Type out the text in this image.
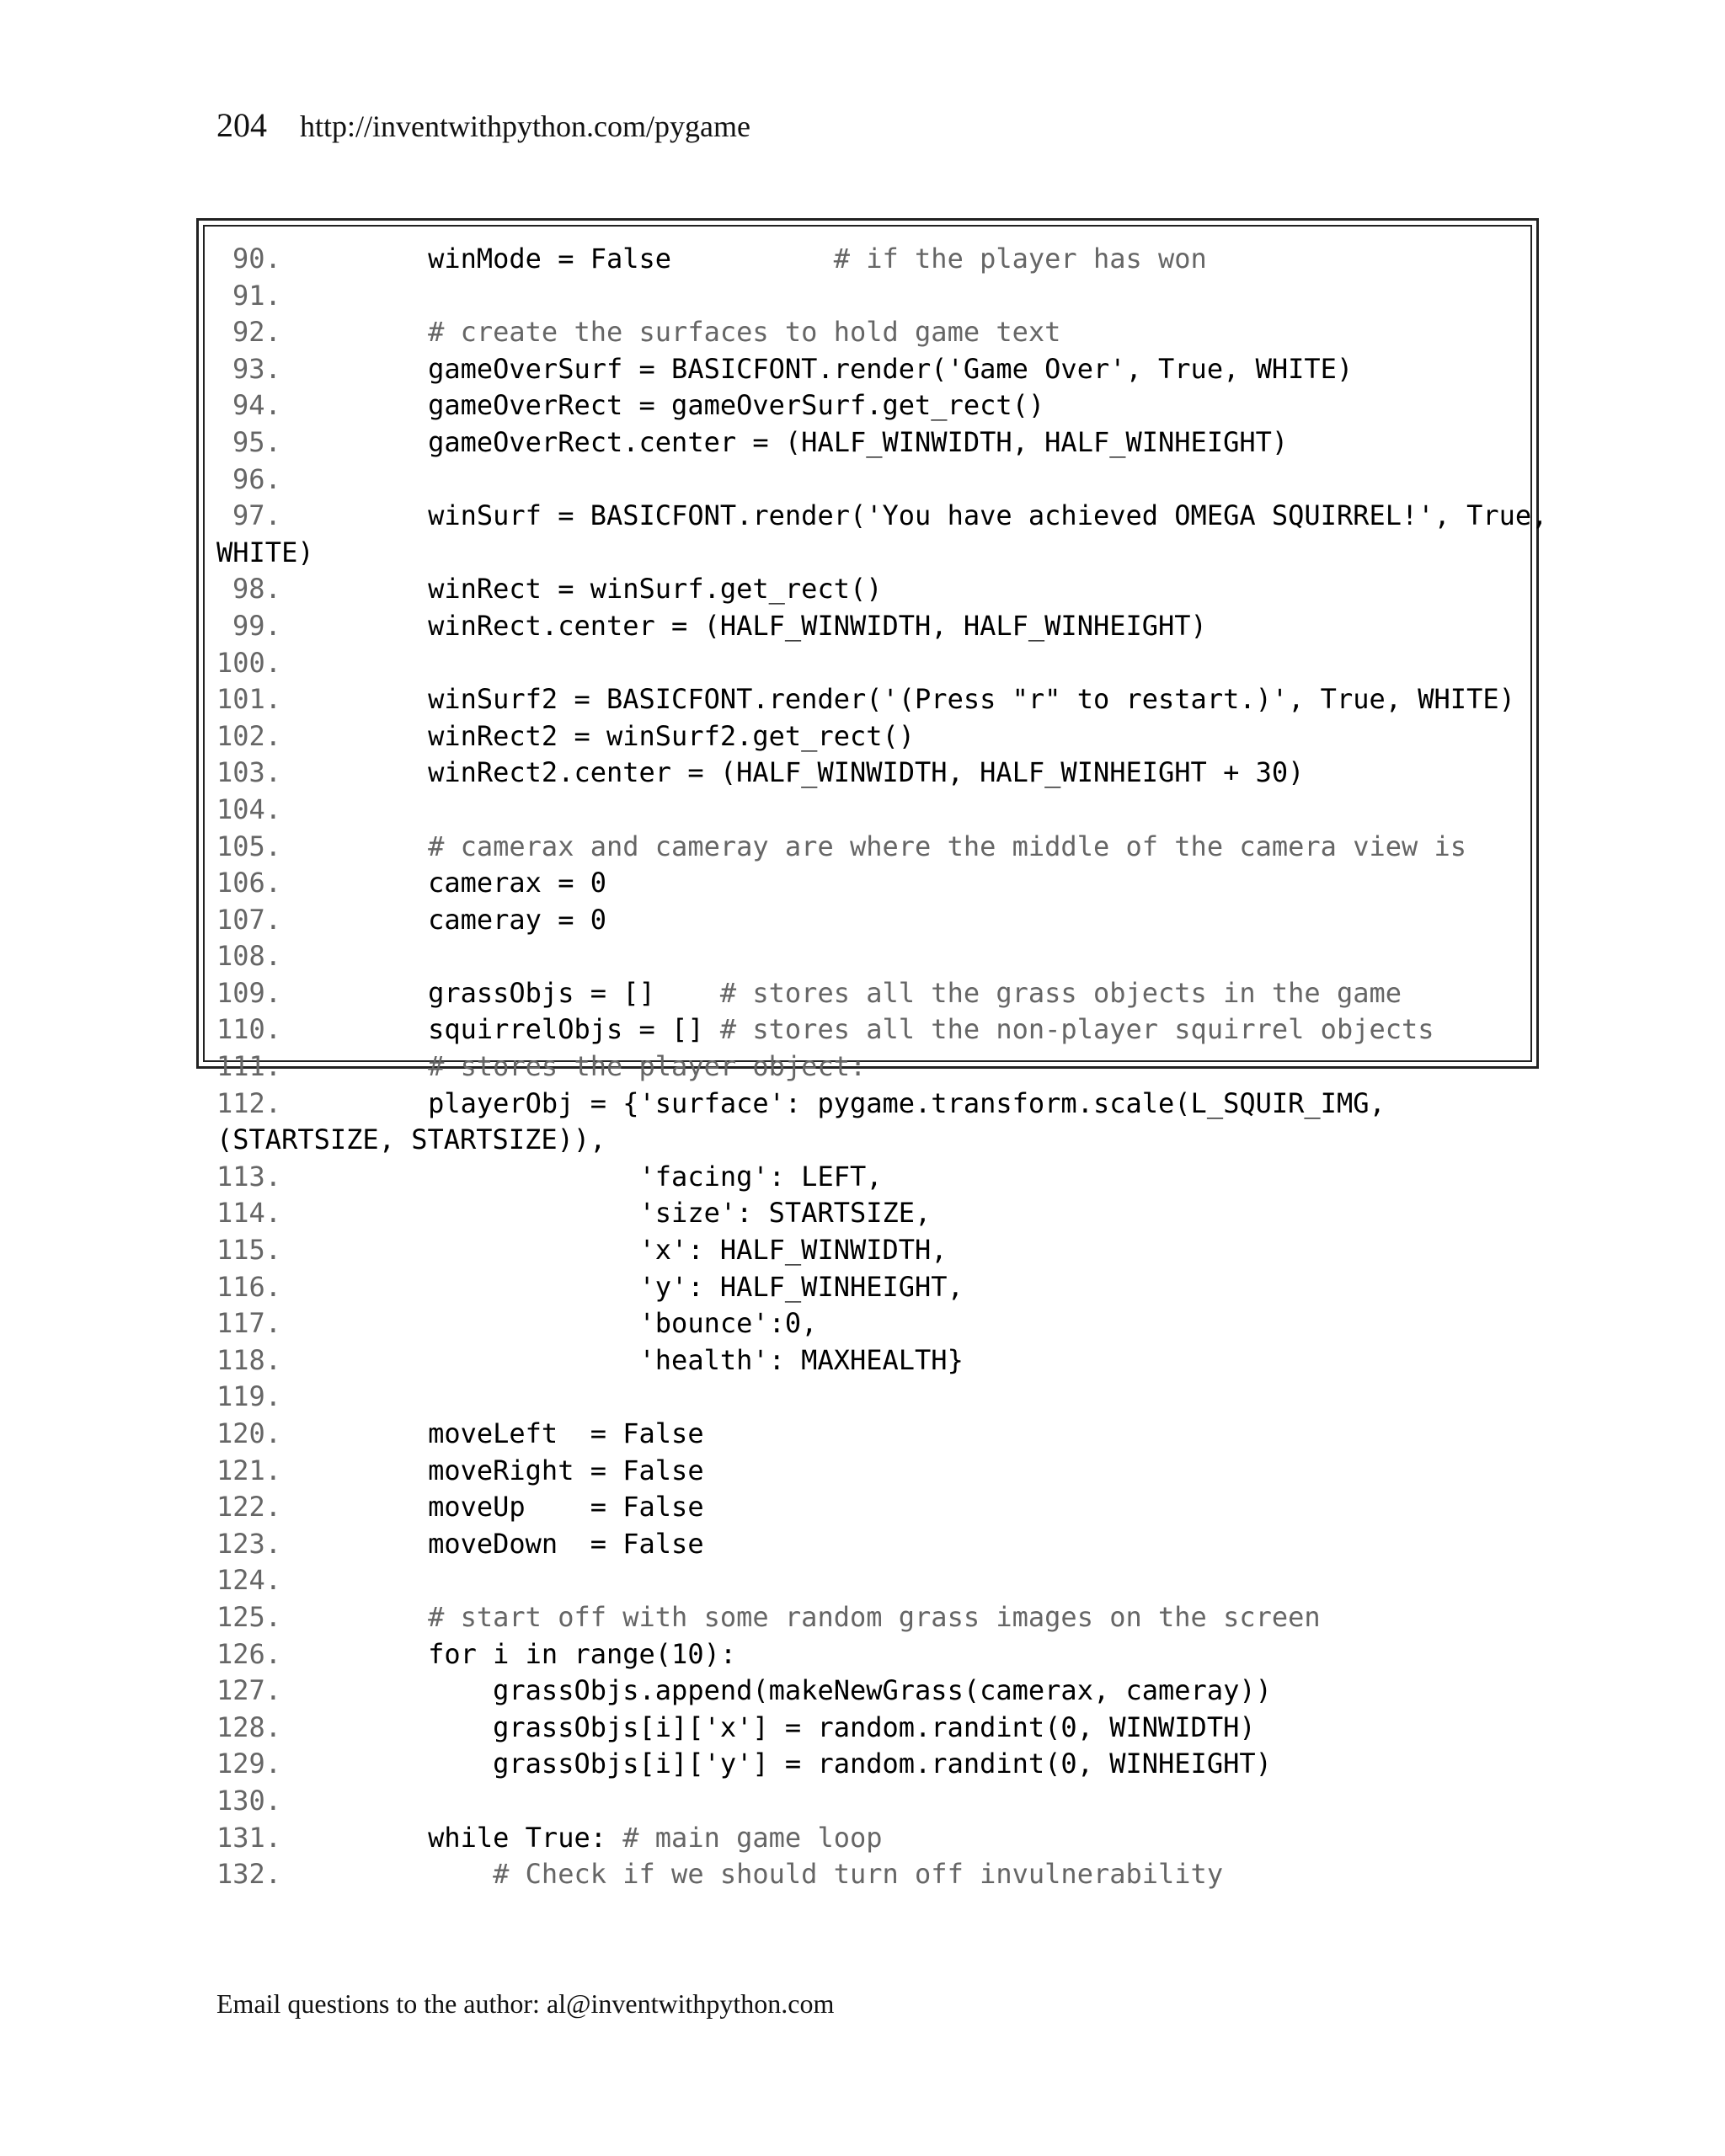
204 http://inventwithpython.com/pygame
90.	winMode = False # if the player has won
91.
92.
	# create the surfaces to hold game text
93.	gameOverSurf = BASICFONT.render('Game Over', True, WHITE)
94.	gameOverRect = gameOverSurf.get_rect()
95.	gameOverRect.center = (HALF_WINWIDTH, HALF_WINHEIGHT)
96.
97.	winSurf = BASICFONT.render('You have achieved OMEGA SQUIRREL!', True,
WHITE)
98.	winRect = winSurf.get_rect()
99.	winRect.center = (HALF_WINWIDTH, HALF_WINHEIGHT)
100.
101.	winSurf2 = BASICFONT.render('(Press "r" to restart.)', True, WHITE)
102.	winRect2 = winSurf2.get_rect()
103.	winRect2.center = (HALF_WINWIDTH, HALF_WINHEIGHT + 30)
104.
105.
	# camerax and cameray are where the middle of the camera view is
106.	camerax = 0
107.	cameray = 0
108.
109.	grassObjs = [] # stores all the grass objects in the game
110.	squirrelObjs = [] # stores all the non-player squirrel objects
111.
	# stores the player object:
112.	playerObj = {'surface': pygame.transform.scale(L_SQUIR_IMG,
(STARTSIZE, STARTSIZE)),
113.	'facing': LEFT,
114.	'size': STARTSIZE,
115.	'x': HALF_WINWIDTH,
116.	'y': HALF_WINHEIGHT,
117.	'bounce':0,
118.	'health': MAXHEALTH}
119.
120.	moveLeft  = False
121.	moveRight = False
122.	moveUp    = False
123.	moveDown  = False
124.
125.
	# start off with some random grass images on the screen
126.	for i in range(10):
127.	grassObjs.append(makeNewGrass(camerax, cameray))
128.	grassObjs[i]['x'] = random.randint(0, WINWIDTH)
129.	grassObjs[i]['y'] = random.randint(0, WINHEIGHT)
130.
131.	while True: # main game loop
132.
	# Check if we should turn off invulnerability
Email questions to the author: al@inventwithpython.com
